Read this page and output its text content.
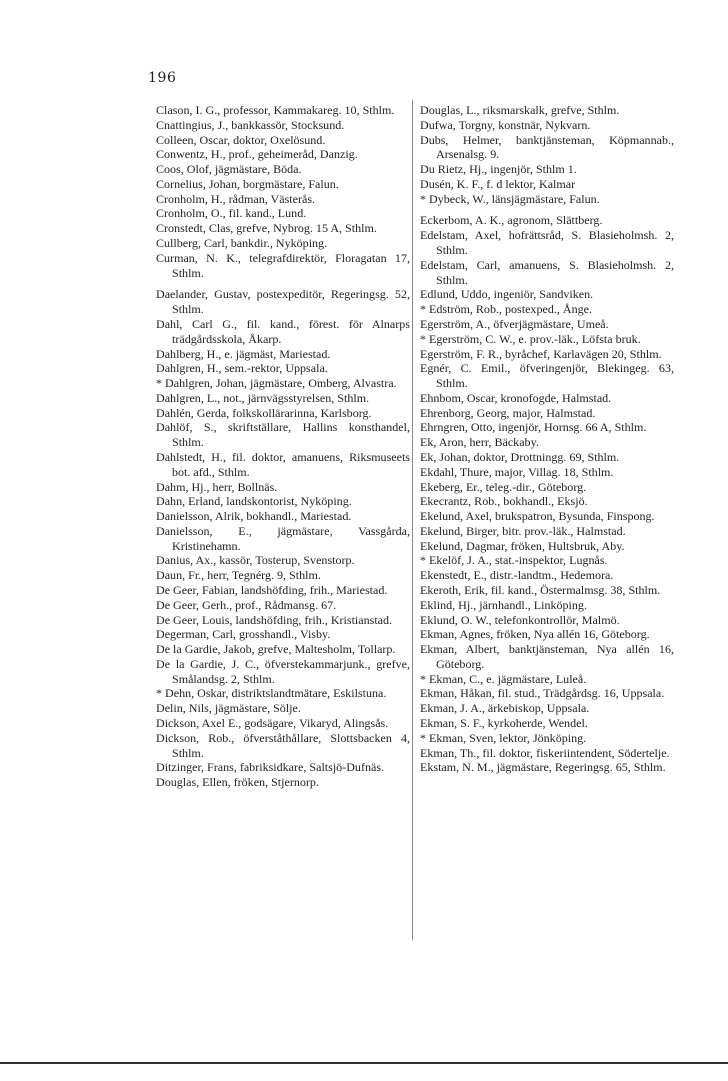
196

Clason, I. G., professor, Kammakareg. 10, Sthlm.

Cnattingius, J., bankkassör, Stocksund.

Colleen, Oscar, doktor, Oxelösund.

Conwentz, H., prof., geheimeråd, Danzig.

Coos, Olof, jägmästare, Böda.

Cornelius, Johan, borgmästare, Falun.

Cronholm, H., rådman, Västerås.

Cronholm, O., fil. kand., Lund.

Cronstedt, Clas, grefve, Nybrog. 15 A, Sthlm.

Cullberg, Carl, bankdir., Nyköping.

Curman, N. K., telegrafdirektör, Floragatan 17, Sthlm.

Daelander, Gustav, postexpeditör, Regeringsg. 52, Sthlm.

Dahl, Carl G., fil. kand., förest. för Alnarps trädgårdsskola, Åkarp.

Dahlberg, H., e. jägmäst, Mariestad.

Dahlgren, H., sem.-rektor, Uppsala.

* Dahlgren, Johan, jägmästare, Omberg, Alvastra.

Dahlgren, L., not., järnvägsstyrelsen, Sthlm.

Dahlén, Gerda, folkskollärarinna, Karlsborg.

Dahlöf, S., skriftställare, Hallins konsthandel, Sthlm.

Dahlstedt, H., fil. doktor, amanuens, Riksmuseets bot. afd., Sthlm.

Dahm, Hj., herr, Bollnäs.

Dahn, Erland, landskontorist, Nyköping.

Danielsson, Alrik, bokhandl., Mariestad.

Danielsson, E., jägmästare, Vassgårda, Kristinehamn.

Danius, Ax., kassör, Tosterup, Svenstorp.

Daun, Fr., herr, Tegnérg. 9, Sthlm.

De Geer, Fabian, landshöfding, frih., Mariestad.

De Geer, Gerh., prof., Rådmansg. 67.

De Geer, Louis, landshöfding, frih., Kristianstad.

Degerman, Carl, grosshandl., Visby.

De la Gardie, Jakob, grefve, Maltesholm, Tollarp.

De la Gardie, J. C., öfverstekammarjunk., grefve, Smålandsg. 2, Sthlm.

* Dehn, Oskar, distriktslandtmätare, Eskilstuna.

Delin, Nils, jägmästare, Sölje.

Dickson, Axel E., godsägare, Vikaryd, Alingsås.

Dickson, Rob., öfverståthållare, Slottsbacken 4, Sthlm.

Ditzinger, Frans, fabriksidkare, Saltsjö-Dufnäs.

Douglas, Ellen, fröken, Stjernorp.

Douglas, L., riksmarskalk, grefve, Sthlm.

Dufwa, Torgny, konstnär, Nykvarn.

Dubs, Helmer, banktjänsteman, Köpmannab., Arsenalsg. 9.

Du Rietz, Hj., ingenjör, Sthlm 1.

Dusén, K. F., f. d lektor, Kalmar

* Dybeck, W., länsjägmästare, Falun.

Eckerbom, A. K., agronom, Slättberg.

Edelstam, Axel, hofrättsråd, S. Blasieholmsh. 2, Sthlm.

Edelstam, Carl, amanuens, S. Blasieholmsh. 2, Sthlm.

Edlund, Uddo, ingeniör, Sandviken.

* Edström, Rob., postexped., Ånge.

Egerström, A., öfverjägmästare, Umeå.

* Egerström, C. W., e. prov.-läk., Löfsta bruk.

Egerström, F. R., byråchef, Karlavägen 20, Sthlm.

Egnér, C. Emil., öfveringenjör, Blekingeg. 63, Sthlm.

Ehnbom, Oscar, kronofogde, Halmstad.

Ehrenborg, Georg, major, Halmstad.

Ehrngren, Otto, ingenjör, Hornsg. 66 A, Sthlm.

Ek, Aron, herr, Bäckaby.

Ek, Johan, doktor, Drottningg. 69, Sthlm.

Ekdahl, Thure, major, Villag. 18, Sthlm.

Ekeberg, Er., teleg.-dir., Göteborg.

Ekecrantz, Rob., bokhandl., Eksjö.

Ekelund, Axel, brukspatron, Bysunda, Finspong.

Ekelund, Birger, bitr. prov.-läk., Halmstad.

Ekelund, Dagmar, fröken, Hultsbruk, Aby.

* Ekelöf, J. A., stat.-inspektor, Lugnås.

Ekenstedt, E., distr.-landtm., Hedemora.

Ekeroth, Erik, fil. kand., Östermalmsg. 38, Sthlm.

Eklind, Hj., järnhandl., Linköping.

Eklund, O. W., telefonkontrollör, Malmö.

Ekman, Agnes, fröken, Nya allén 16, Göteborg.

Ekman, Albert, banktjänsteman, Nya allén 16, Göteborg.

* Ekman, C., e. jägmästare, Luleå.

Ekman, Håkan, fil. stud., Trädgårdsg. 16, Uppsala.

Ekman, J. A., ärkebiskop, Uppsala.

Ekman, S. F., kyrkoherde, Wendel.

* Ekman, Sven, lektor, Jönköping.

Ekman, Th., fil. doktor, fiskeriintendent, Södertelje.

Ekstam, N. M., jägmästare, Regeringsg. 65, Sthlm.
